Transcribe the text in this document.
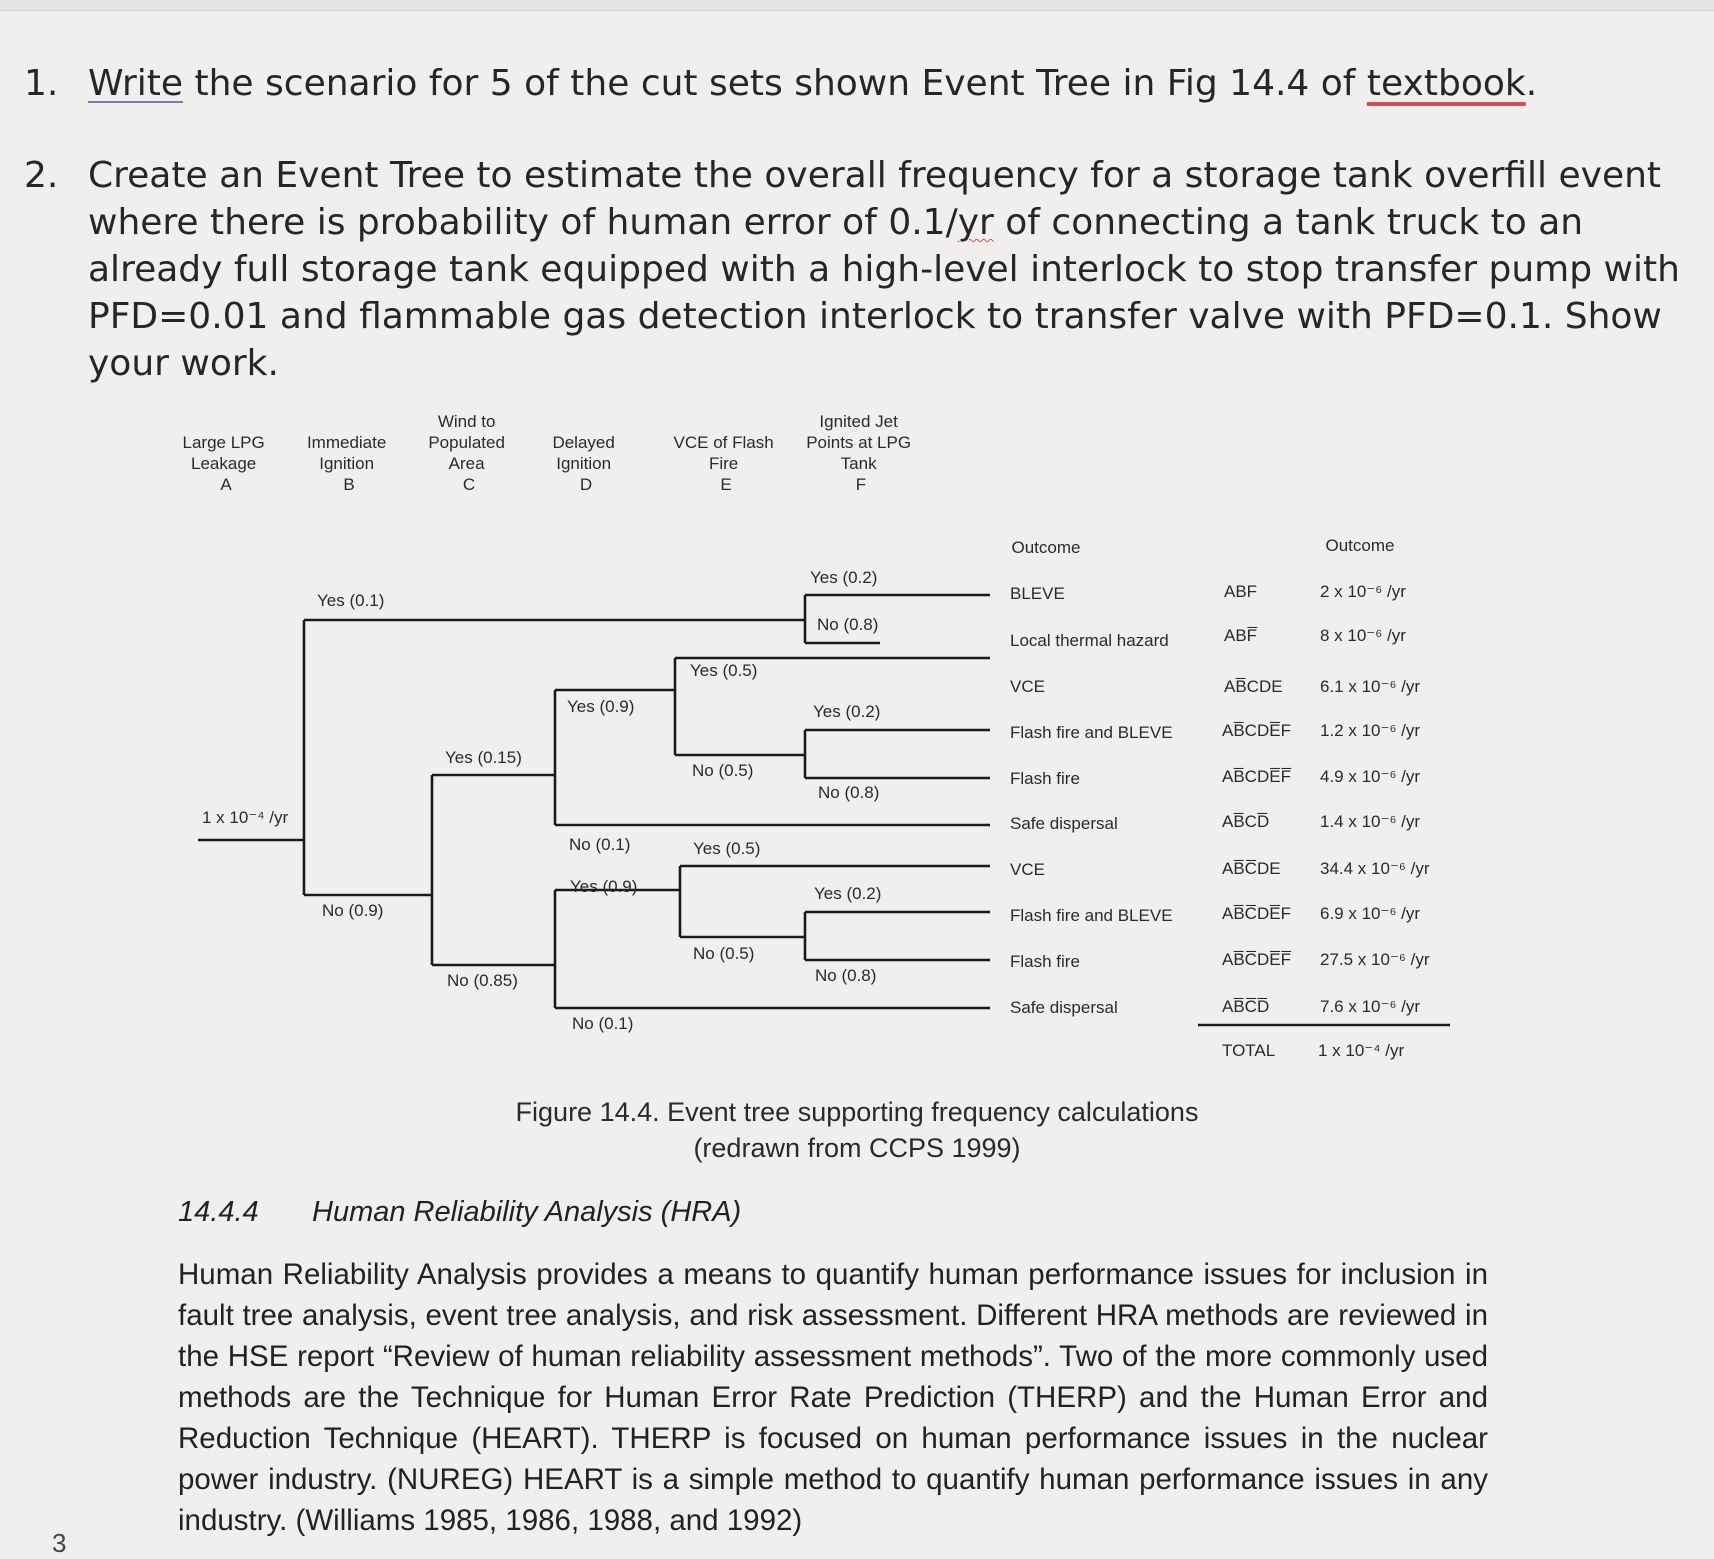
1. Write the scenario for 5 of the cut sets shown Event Tree in Fig 14.4 of textbook.
2. Create an Event Tree to estimate the overall frequency for a storage tank overfill event where there is probability of human error of 0.1/yr of connecting a tank truck to an already full storage tank equipped with a high-level interlock to stop transfer pump with PFD=0.01 and flammable gas detection interlock to transfer valve with PFD=0.1. Show your work.
Large LPG Leakage A
Immediate Ignition B
Wind to Populated Area C
Delayed Ignition D
VCE of Flash Fire E
Ignited Jet Points at LPG Tank F
Outcome	Outcome
1 x 10⁻⁴ /yr
Yes (0.1)
No (0.9)
Yes (0.2)
No (0.8)
Yes (0.15)
No (0.85)
Yes (0.9)
No (0.1)
Yes (0.9)
No (0.1)
Yes (0.5)
No (0.5)
Yes (0.5)
No (0.5)
Yes (0.2)
No (0.8)
Yes (0.2)
No (0.8)
BLEVE
Local thermal hazard
VCE
Flash fire and BLEVE
Flash fire
Safe dispersal
VCE
Flash fire and BLEVE
Flash fire
Safe dispersal
ABF
ABF̅
AB̅CDE
AB̅CDE̅F
AB̅CDE̅F̅
AB̅CD̅
AB̅C̅DE
AB̅C̅DE̅F
AB̅C̅DE̅F̅
AB̅C̅D̅
TOTAL
2 x 10⁻⁶ /yr
8 x 10⁻⁶ /yr
6.1 x 10⁻⁶ /yr
1.2 x 10⁻⁶ /yr
4.9 x 10⁻⁶ /yr
1.4 x 10⁻⁶ /yr
34.4 x 10⁻⁶ /yr
6.9 x 10⁻⁶ /yr
27.5 x 10⁻⁶ /yr
7.6 x 10⁻⁶ /yr
1 x 10⁻⁴ /yr
Figure 14.4. Event tree supporting frequency calculations
(redrawn from CCPS 1999)
14.4.4 Human Reliability Analysis (HRA)
Human Reliability Analysis provides a means to quantify human performance issues for inclusion in fault tree analysis, event tree analysis, and risk assessment. Different HRA methods are reviewed in the HSE report “Review of human reliability assessment methods”. Two of the more commonly used methods are the Technique for Human Error Rate Prediction (THERP) and the Human Error and Reduction Technique (HEART). THERP is focused on human performance issues in the nuclear power industry. (NUREG) HEART is a simple method to quantify human performance issues in any industry. (Williams 1985, 1986, 1988, and 1992)
3
